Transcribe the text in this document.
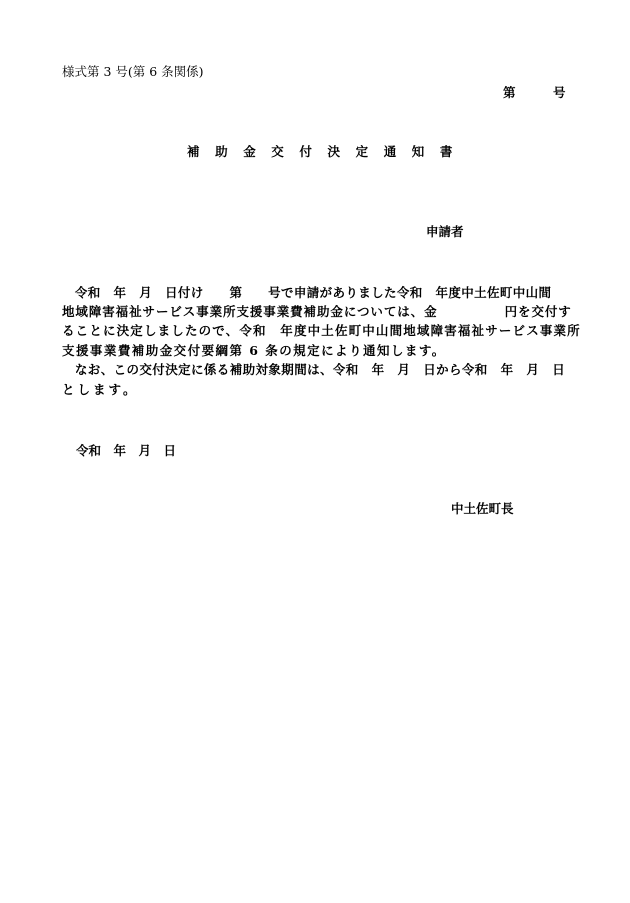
様式第 3 号(第 6 条関係)
第　　　号
補助金交付決定通知書
申請者
　令和　年　月　日付け　　第　　号で申請がありました令和　年度中土佐町中山間
地域障害福祉サービス事業所支援事業費補助金については、金　　　　　円を交付す
ることに決定しましたので、令和　年度中土佐町中山間地域障害福祉サービス事業所
支援事業費補助金交付要綱第 6 条の規定により通知します。
　なお、この交付決定に係る補助対象期間は、令和　年　月　日から令和　年　月　日
とします。
令和　年　月　日
中土佐町長
